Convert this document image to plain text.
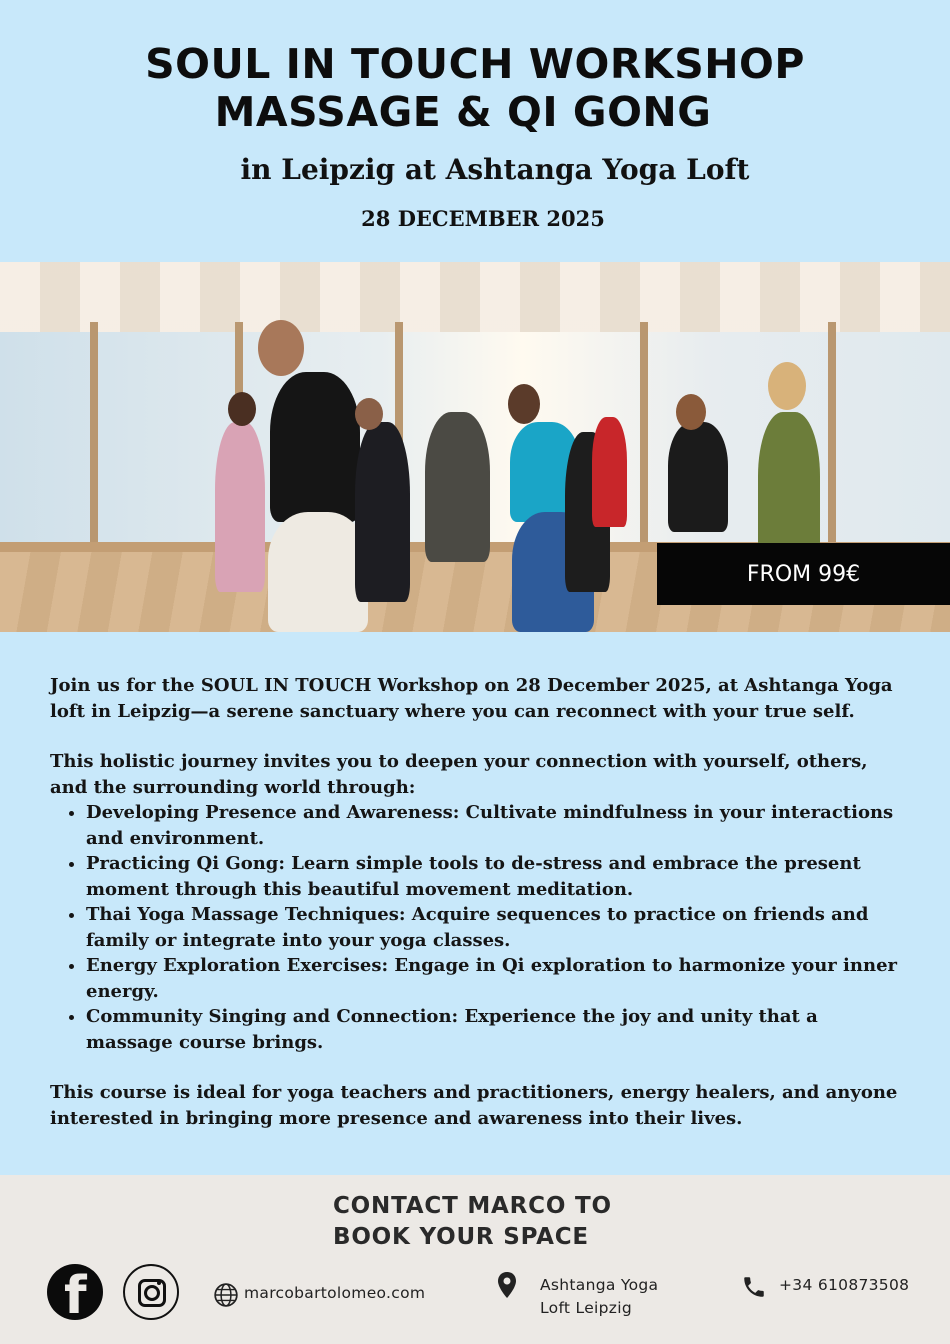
SOUL IN TOUCH WORKSHOP
MASSAGE & QI GONG
in Leipzig at Ashtanga Yoga Loft
28 DECEMBER 2025
FROM 99€

Join us for the SOUL IN TOUCH Workshop on 28 December 2025, at Ashtanga Yoga loft in Leipzig—a serene sanctuary where you can reconnect with your true self.

This holistic journey invites you to deepen your connection with yourself, others, and the surrounding world through:

• Developing Presence and Awareness: Cultivate mindfulness in your interactions and environment.
• Practicing Qi Gong: Learn simple tools to de-stress and embrace the present moment through this beautiful movement meditation.
• Thai Yoga Massage Techniques: Acquire sequences to practice on friends and family or integrate into your yoga classes.
• Energy Exploration Exercises: Engage in Qi exploration to harmonize your inner energy.
• Community Singing and Connection: Experience the joy and unity that a massage course brings.

This course is ideal for yoga teachers and practitioners, energy healers, and anyone interested in bringing more presence and awareness into their lives.

CONTACT MARCO TO
BOOK YOUR SPACE
f	marcobartolomeo.com	Ashtanga Yoga
Loft Leipzig
+34 610873508
